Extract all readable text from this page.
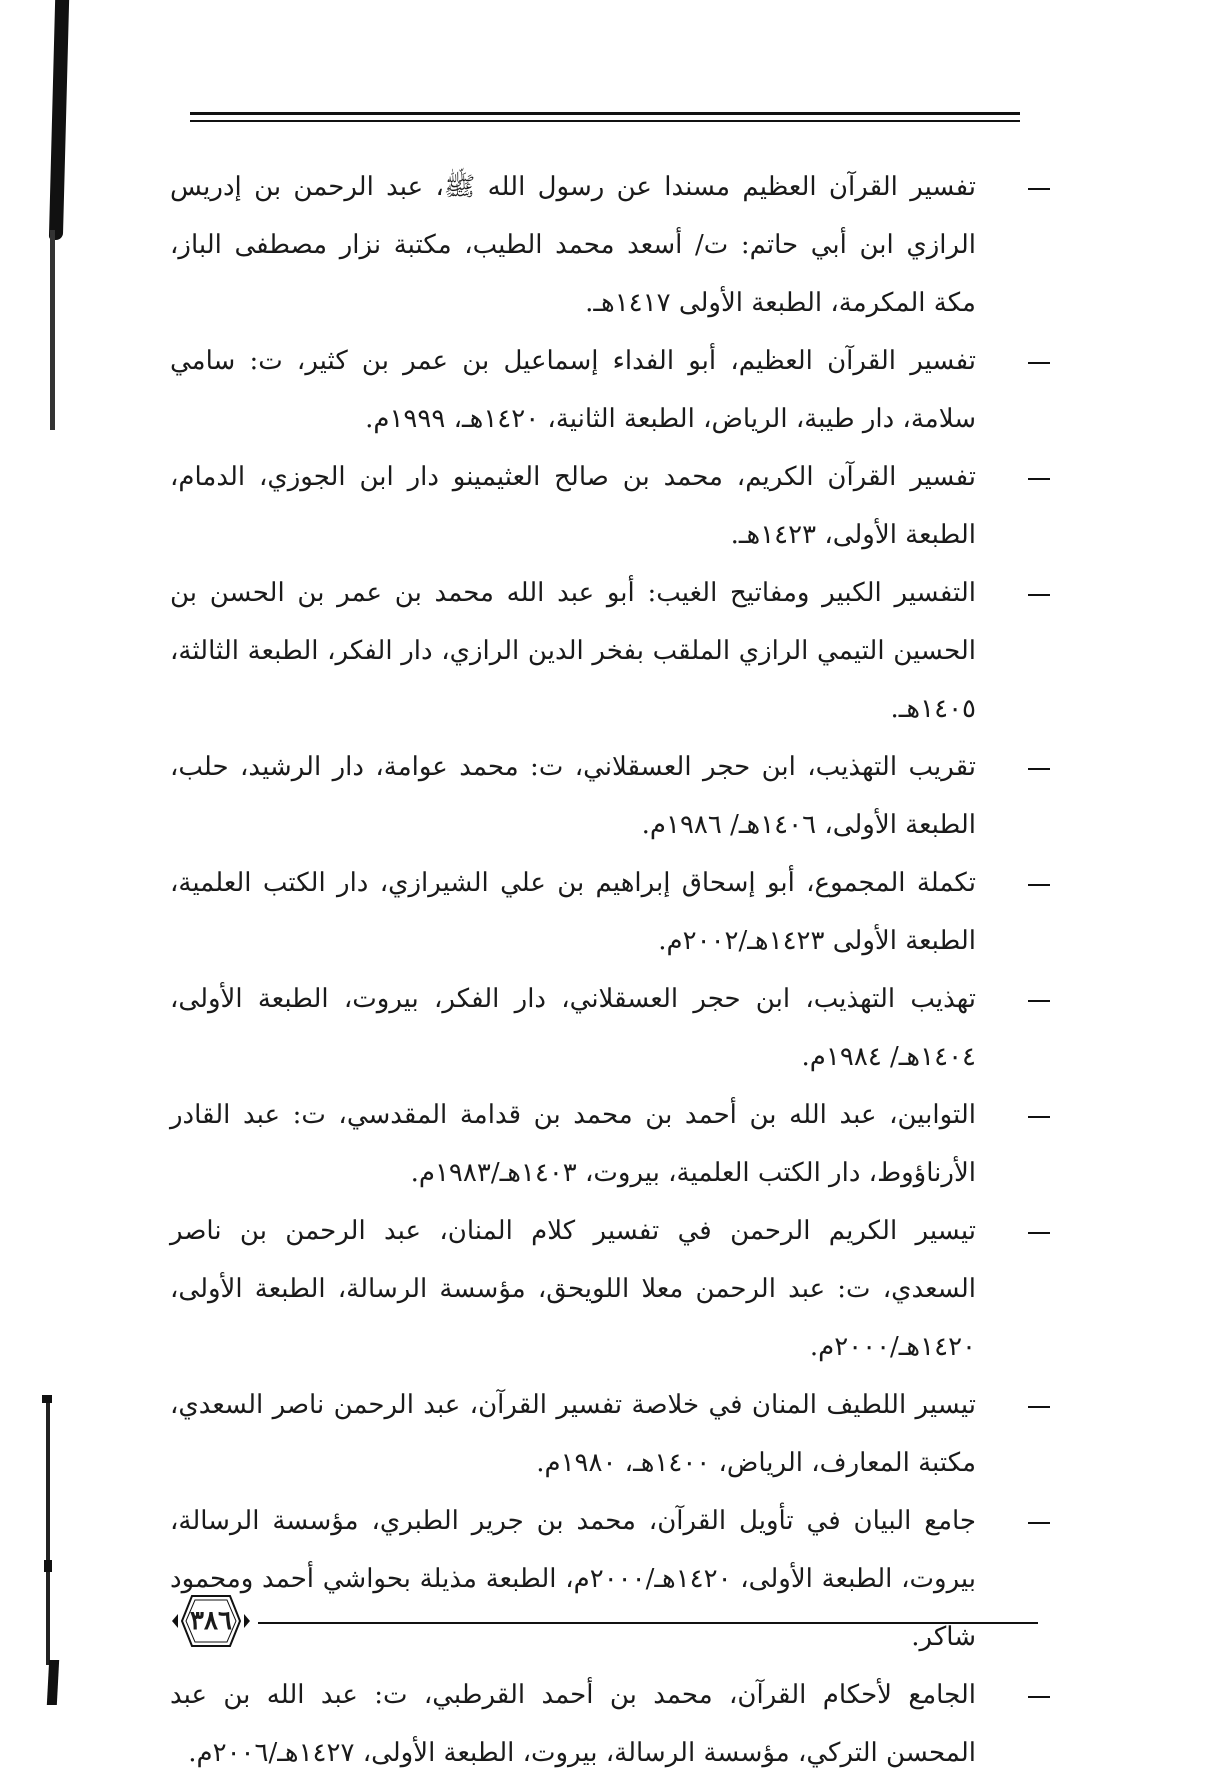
تفسير القرآن العظيم مسندا عن رسول الله ﷺ، عبد الرحمن بن إدريس الرازي ابن أبي حاتم: ت/ أسعد محمد الطيب، مكتبة نزار مصطفى الباز، مكة المكرمة، الطبعة الأولى ١٤١٧هـ.
تفسير القرآن العظيم، أبو الفداء إسماعيل بن عمر بن كثير، ت: سامي سلامة، دار طيبة، الرياض، الطبعة الثانية، ١٤٢٠هـ، ١٩٩٩م.
تفسير القرآن الكريم، محمد بن صالح العثيمينو دار ابن الجوزي، الدمام، الطبعة الأولى، ١٤٢٣هـ.
التفسير الكبير ومفاتيح الغيب: أبو عبد الله محمد بن عمر بن الحسن بن الحسين التيمي الرازي الملقب بفخر الدين الرازي، دار الفكر، الطبعة الثالثة، ١٤٠٥هـ.
تقريب التهذيب، ابن حجر العسقلاني، ت: محمد عوامة، دار الرشيد، حلب، الطبعة الأولى، ١٤٠٦هـ/ ١٩٨٦م.
تكملة المجموع، أبو إسحاق إبراهيم بن علي الشيرازي، دار الكتب العلمية، الطبعة الأولى ١٤٢٣هـ/٢٠٠٢م.
تهذيب التهذيب، ابن حجر العسقلاني، دار الفكر، بيروت، الطبعة الأولى، ١٤٠٤هـ/ ١٩٨٤م.
التوابين، عبد الله بن أحمد بن محمد بن قدامة المقدسي، ت: عبد القادر الأرناؤوط، دار الكتب العلمية، بيروت، ١٤٠٣هـ/١٩٨٣م.
تيسير الكريم الرحمن في تفسير كلام المنان، عبد الرحمن بن ناصر السعدي، ت: عبد الرحمن معلا اللويحق، مؤسسة الرسالة، الطبعة الأولى، ١٤٢٠هـ/٢٠٠٠م.
تيسير اللطيف المنان في خلاصة تفسير القرآن، عبد الرحمن ناصر السعدي، مكتبة المعارف، الرياض، ١٤٠٠هـ، ١٩٨٠م.
جامع البيان في تأويل القرآن، محمد بن جرير الطبري، مؤسسة الرسالة، بيروت، الطبعة الأولى، ١٤٢٠هـ/٢٠٠٠م، الطبعة مذيلة بحواشي أحمد ومحمود شاكر.
الجامع لأحكام القرآن، محمد بن أحمد القرطبي، ت: عبد الله بن عبد المحسن التركي، مؤسسة الرسالة، بيروت، الطبعة الأولى، ١٤٢٧هـ/٢٠٠٦م.
٣٨٦
